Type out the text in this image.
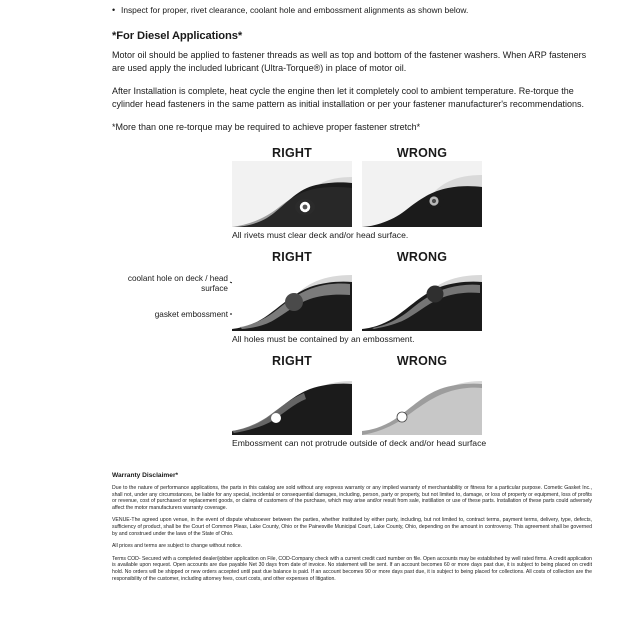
• Inspect for proper, rivet clearance, coolant hole and embossment alignments as shown below.
*For Diesel Applications*

Motor oil should be applied to fastener threads as well as top and bottom of the fastener washers. When ARP fasteners are used apply the included lubricant (Ultra-Torque®) in place of motor oil.

After Installation is complete, heat cycle the engine then let it completely cool to ambient temperature. Re-torque the cylinder head fasteners in the same pattern as initial installation or per your fastener manufacturer's recommendations.

*More than one re-torque may be required to achieve proper fastener stretch*

RIGHT	WRONG
All rivets must clear deck and/or head surface.
coolant hole on deck / head surface
gasket embossment
RIGHT	WRONG
All holes must be contained by an embossment.
RIGHT	WRONG
Embossment can not protrude outside of deck and/or head surface
Warranty Disclaimer*

Due to the nature of performance applications, the parts in this catalog are sold without any express warranty or any implied warranty of merchantability or fitness for a particular purpose. Cometic Gasket Inc., shall not, under any circumstances, be liable for any special, incidental or consequential damages, including, person, party or property, but not limited to, damage, or loss of property or equipment, loss of profits or revenue, cost of purchased or replacement goods, or claims of customers of the purchase, which may arise and/or result from sale, instillation or use of these parts. Installation of these parts could adversely affect the motor manufacturers warranty coverage.

VENUE-The agreed upon venue, in the event of dispute whatsoever between the parties, whether instituted by either party, including, but not limited to, contract terms, payment terms, delivery, type, defects, sufficiency of product, shall be the Court of Common Pleas, Lake County, Ohio or the Painesville Municipal Court, Lake County, Ohio, depending on the amount in controversy. This agreement shall be governed by and construed under the laws of the State of Ohio.

All prices and terms are subject to change without notice.

Terms COD- Secured with a completed dealer/jobber application on File, COD-Company check with a current credit card number on file. Open accounts may be established by well rated firms. A credit application is available upon request. Open accounts are due payable Net 30 days from date of invoice. No statement will be sent. If an account becomes 60 or more days past due, it is subject to being placed on credit hold. No orders will be shipped or new orders accepted until past due balance is paid. If an account becomes 90 or more days past due, it is subject to being placed for collections. All costs of collection are the responsibility of the customer, including attorney fees, court costs, and other expenses of litigation.
